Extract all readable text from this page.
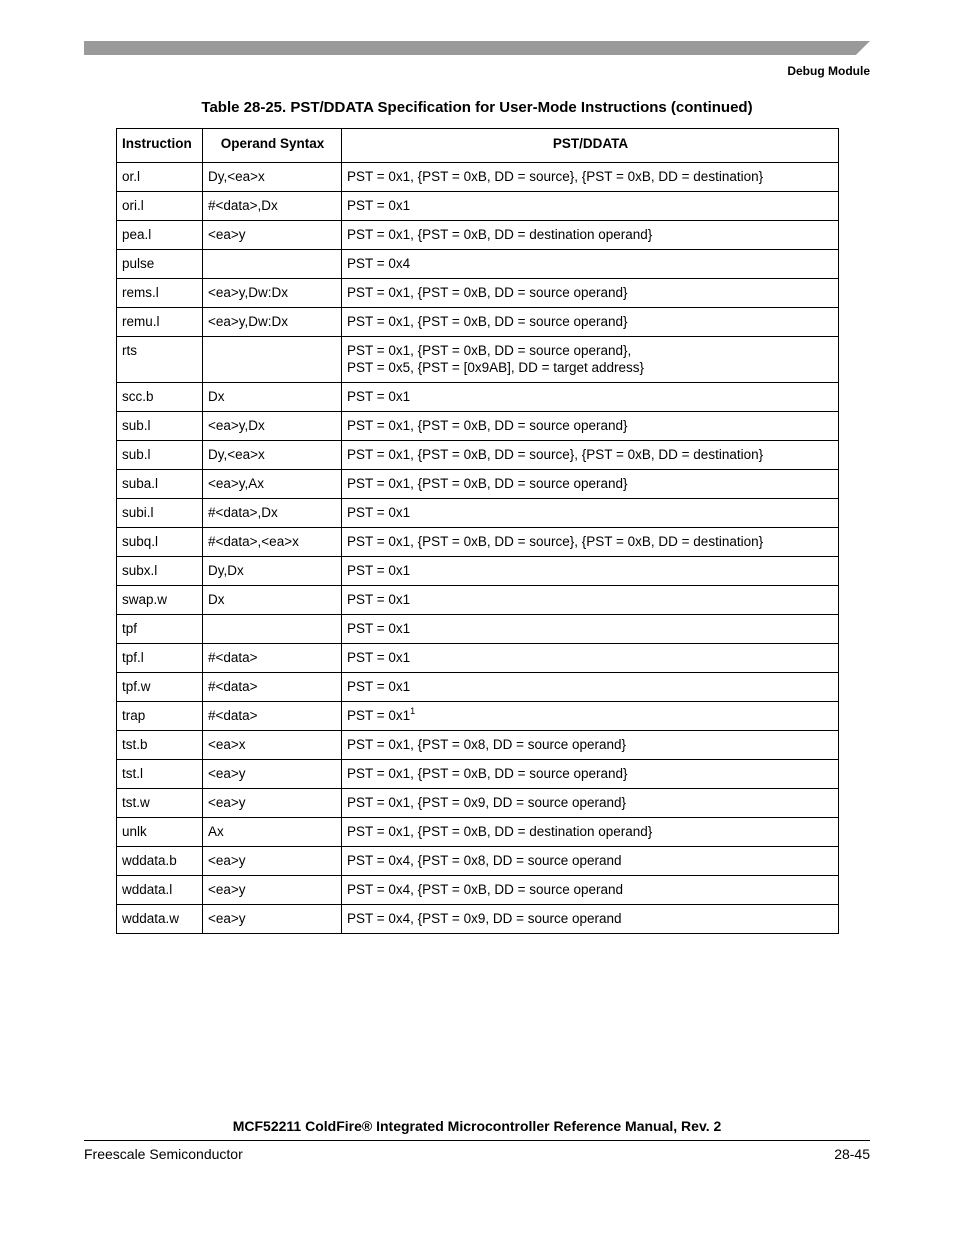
Debug Module
Table 28-25. PST/DDATA Specification for User-Mode Instructions (continued)
Instruction	Operand Syntax	PST/DDATA
or.l	Dy,<ea>x	PST = 0x1, {PST = 0xB, DD = source}, {PST = 0xB, DD = destination}

ori.l	#<data>,Dx	PST = 0x1

pea.l	<ea>y	PST = 0x1, {PST = 0xB, DD = destination operand}

pulse		PST = 0x4

rems.l	<ea>y,Dw:Dx	PST = 0x1, {PST = 0xB, DD = source operand}

remu.l	<ea>y,Dw:Dx	PST = 0x1, {PST = 0xB, DD = source operand}

rts		PST = 0x1, {PST = 0xB, DD = source operand},
PST = 0x5, {PST = [0x9AB], DD = target address}

scc.b	Dx	PST = 0x1

sub.l	<ea>y,Dx	PST = 0x1, {PST = 0xB, DD = source operand}

sub.l	Dy,<ea>x	PST = 0x1, {PST = 0xB, DD = source}, {PST = 0xB, DD = destination}

suba.l	<ea>y,Ax	PST = 0x1, {PST = 0xB, DD = source operand}

subi.l	#<data>,Dx	PST = 0x1

subq.l	#<data>,<ea>x	PST = 0x1, {PST = 0xB, DD = source}, {PST = 0xB, DD = destination}

subx.l	Dy,Dx	PST = 0x1

swap.w	Dx	PST = 0x1

tpf		PST = 0x1

tpf.l	#<data>	PST = 0x1

tpf.w	#<data>	PST = 0x1

trap	#<data>	PST = $0x1^1$

tst.b	<ea>x	PST = 0x1, {PST = 0x8, DD = source operand}

tst.l	<ea>y	PST = 0x1, {PST = 0xB, DD = source operand}

tst.w	<ea>y	PST = 0x1, {PST = 0x9, DD = source operand}

unlk	Ax	PST = 0x1, {PST = 0xB, DD = destination operand}

wddata.b	<ea>y	PST = 0x4, {PST = 0x8, DD = source operand

wddata.l	<ea>y	PST = 0x4, {PST = 0xB, DD = source operand

wddata.w	<ea>y	PST = 0x4, {PST = 0x9, DD = source operand
MCF52211 ColdFire® Integrated Microcontroller Reference Manual, Rev. 2
Freescale Semiconductor	28-45
